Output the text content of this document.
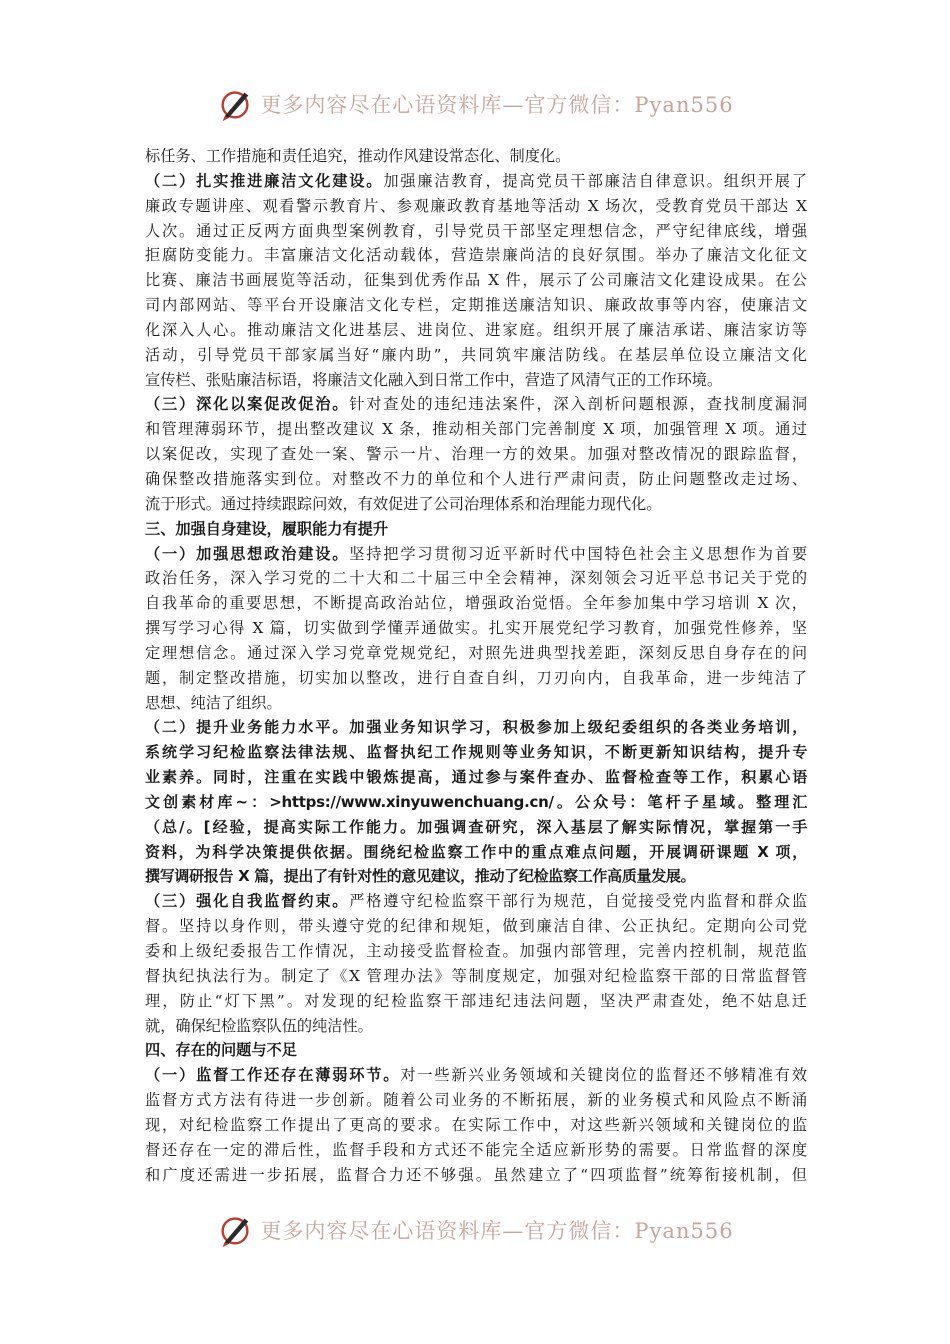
更多内容尽在心语资料库—官方微信：Pyan556
标任务、工作措施和责任追究，推动作风建设常态化、制度化。
（二）扎实推进廉洁文化建设。加强廉洁教育，提高党员干部廉洁自律意识。组织开展了
廉政专题讲座、观看警示教育片、参观廉政教育基地等活动 X 场次，受教育党员干部达 X
人次。通过正反两方面典型案例教育，引导党员干部坚定理想信念，严守纪律底线，增强
拒腐防变能力。丰富廉洁文化活动载体，营造崇廉尚洁的良好氛围。举办了廉洁文化征文
比赛、廉洁书画展览等活动，征集到优秀作品 X 件，展示了公司廉洁文化建设成果。在公
司内部网站、等平台开设廉洁文化专栏，定期推送廉洁知识、廉政故事等内容，使廉洁文
化深入人心。推动廉洁文化进基层、进岗位、进家庭。组织开展了廉洁承诺、廉洁家访等
活动，引导党员干部家属当好“廉内助”，共同筑牢廉洁防线。在基层单位设立廉洁文化
宣传栏、张贴廉洁标语，将廉洁文化融入到日常工作中，营造了风清气正的工作环境。
（三）深化以案促改促治。针对查处的违纪违法案件，深入剖析问题根源，查找制度漏洞
和管理薄弱环节，提出整改建议 X 条，推动相关部门完善制度 X 项，加强管理 X 项。通过
以案促改，实现了查处一案、警示一片、治理一方的效果。加强对整改情况的跟踪监督，
确保整改措施落实到位。对整改不力的单位和个人进行严肃问责，防止问题整改走过场、
流于形式。通过持续跟踪问效，有效促进了公司治理体系和治理能力现代化。
三、加强自身建设，履职能力有提升
（一）加强思想政治建设。坚持把学习贯彻习近平新时代中国特色社会主义思想作为首要
政治任务，深入学习党的二十大和二十届三中全会精神，深刻领会习近平总书记关于党的
自我革命的重要思想，不断提高政治站位，增强政治觉悟。全年参加集中学习培训 X 次，
撰写学习心得 X 篇，切实做到学懂弄通做实。扎实开展党纪学习教育，加强党性修养，坚
定理想信念。通过深入学习党章党规党纪，对照先进典型找差距，深刻反思自身存在的问
题，制定整改措施，切实加以整改，进行自查自纠，刀刃向内，自我革命，进一步纯洁了
思想、纯洁了组织。
（二）提升业务能力水平。加强业务知识学习，积极参加上级纪委组织的各类业务培训，
系统学习纪检监察法律法规、监督执纪工作规则等业务知识，不断更新知识结构，提升专
业素养。同时，注重在实践中锻炼提高，通过参与案件查办、监督检查等工作，积累心语
文创素材库~：>https://www.xinyuwenchuang.cn/。公众号：笔杆子星域。整理汇
（总/。[经验，提高实际工作能力。加强调查研究，深入基层了解实际情况，掌握第一手
资料，为科学决策提供依据。围绕纪检监察工作中的重点难点问题，开展调研课题 X 项，
撰写调研报告 X 篇，提出了有针对性的意见建议，推动了纪检监察工作高质量发展。
（三）强化自我监督约束。严格遵守纪检监察干部行为规范，自觉接受党内监督和群众监
督。坚持以身作则，带头遵守党的纪律和规矩，做到廉洁自律、公正执纪。定期向公司党
委和上级纪委报告工作情况，主动接受监督检查。加强内部管理，完善内控机制，规范监
督执纪执法行为。制定了《X 管理办法》等制度规定，加强对纪检监察干部的日常监督管
理，防止“灯下黑”。对发现的纪检监察干部违纪违法问题，坚决严肃查处，绝不姑息迁
就，确保纪检监察队伍的纯洁性。
四、存在的问题与不足
（一）监督工作还存在薄弱环节。对一些新兴业务领域和关键岗位的监督还不够精准有效
监督方式方法有待进一步创新。随着公司业务的不断拓展，新的业务模式和风险点不断涌
现，对纪检监察工作提出了更高的要求。在实际工作中，对这些新兴领域和关键岗位的监
督还存在一定的滞后性，监督手段和方式还不能完全适应新形势的需要。日常监督的深度
和广度还需进一步拓展，监督合力还不够强。虽然建立了“四项监督”统筹衔接机制，但
更多内容尽在心语资料库—官方微信：Pyan556
